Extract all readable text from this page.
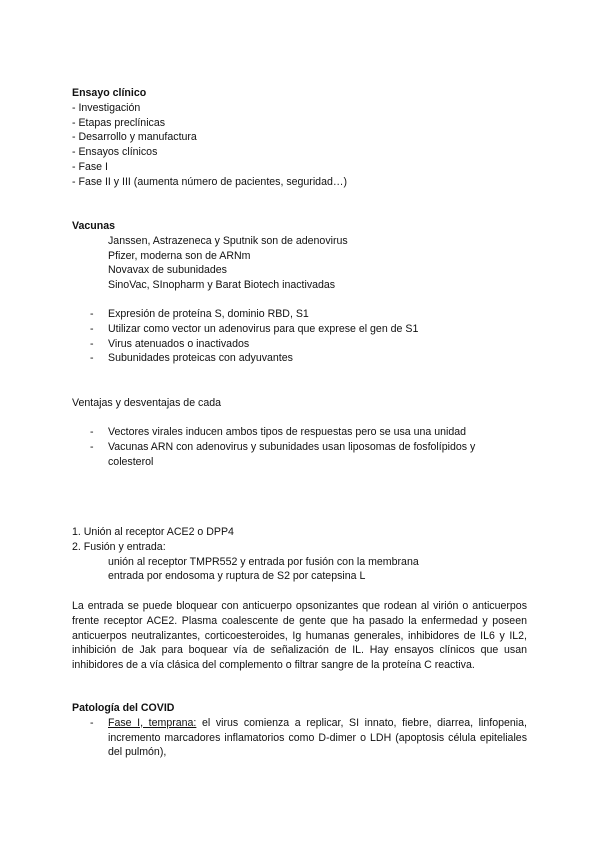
Ensayo clínico
- Investigación
- Etapas preclínicas
- Desarrollo y manufactura
- Ensayos clínicos
- Fase I
- Fase II y III (aumenta número de pacientes, seguridad…)
Vacunas
Janssen, Astrazeneca y Sputnik son de adenovirus
Pfizer, moderna son de ARNm
Novavax de subunidades
SinoVac, SInopharm y Barat Biotech inactivadas
-	Expresión de proteína S, dominio RBD, S1
-	Utilizar como vector un adenovirus para que exprese el gen de S1
-	Virus atenuados o inactivados
-	Subunidades proteicas con adyuvantes
Ventajas y desventajas de cada
-	Vectores virales inducen ambos tipos de respuestas pero se usa una unidad
-	Vacunas ARN con adenovirus y subunidades usan liposomas de fosfolípidos y
colesterol
1. Unión al receptor ACE2 o DPP4
2. Fusión y entrada:
unión al receptor TMPR552 y entrada por fusión con la membrana
entrada por endosoma y ruptura de S2 por catepsina L
La entrada se puede bloquear con anticuerpo opsonizantes que rodean al virión o anticuerpos frente receptor ACE2. Plasma coalescente de gente que ha pasado la enfermedad y poseen anticuerpos neutralizantes, corticoesteroides, Ig humanas generales, inhibidores de IL6 y IL2, inhibición de Jak para boquear vía de señalización de IL. Hay ensayos clínicos que usan inhibidores de a vía clásica del complemento o filtrar sangre de la proteína C reactiva.
Patología del COVID
-	Fase I, temprana: el virus comienza a replicar, SI innato, fiebre, diarrea, linfopenia, incremento marcadores inflamatorios como D-dimer o LDH (apoptosis célula epiteliales del pulmón),
